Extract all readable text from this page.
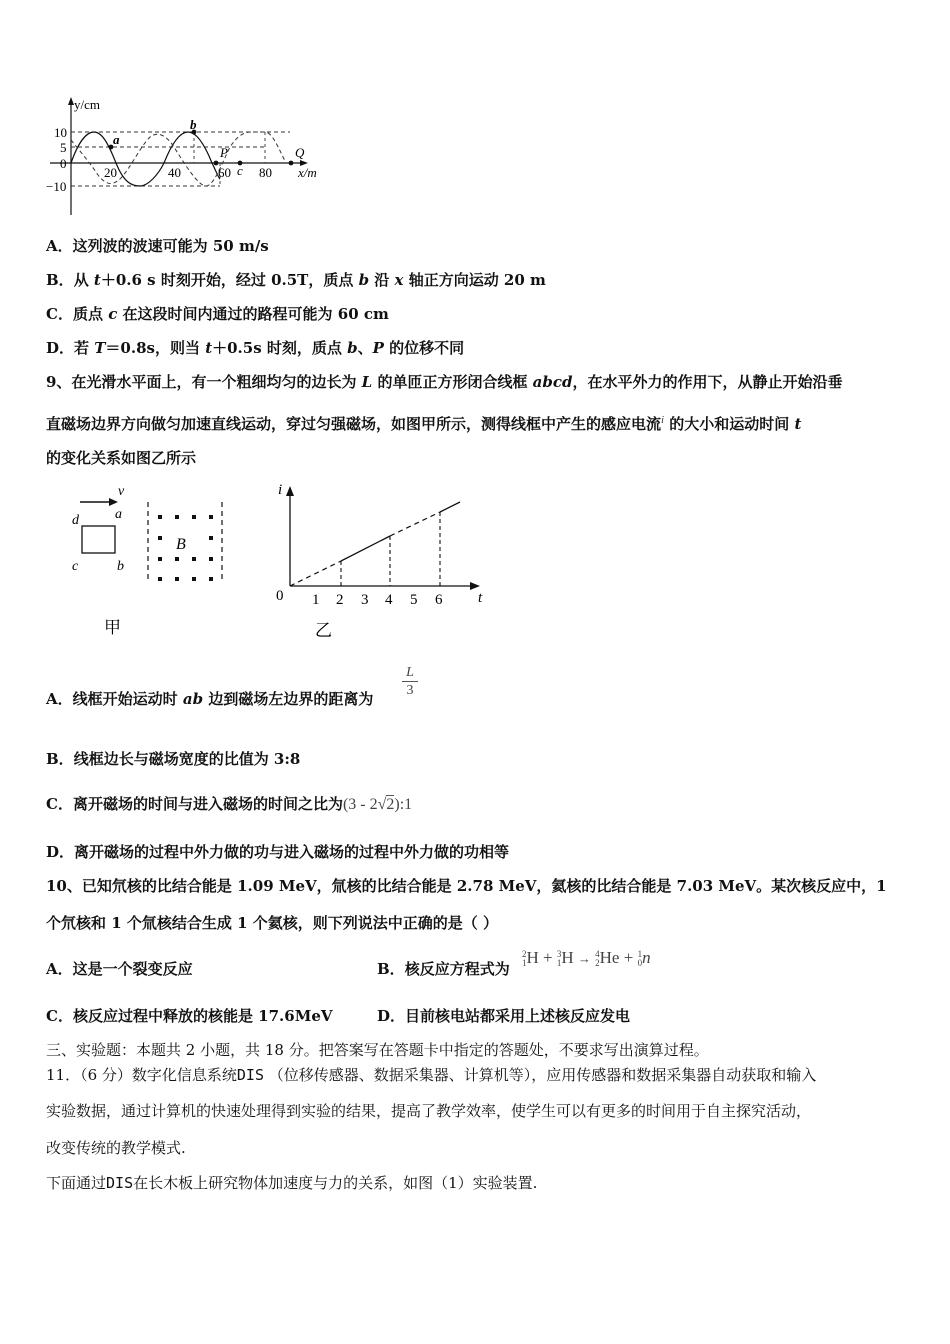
10
5
0
−10
y/cm
20	40	60 80 x/m
a
b
P
c
Q
A．这列波的波速可能为 50 m/s
B．从 t＋0.6 s 时刻开始，经过 0.5T，质点 b 沿 x 轴正方向运动 20 m
C．质点 c 在这段时间内通过的路程可能为 60 cm
D．若 T＝0.8s，则当 t＋0.5s 时刻，质点 b、P 的位移不同
9、在光滑水平面上，有一个粗细均匀的边长为 L 的单匝正方形闭合线框 abcd，在水平外力的作用下，从静止开始沿垂
直磁场边界方向做匀加速直线运动，穿过匀强磁场，如图甲所示，测得线框中产生的感应电流$^i$ 的大小和运动时间 t
的变化关系如图乙所示
v
d	a
c	b
B
甲
i
t
0 1 2 3 4 5 6
乙
A．线框开始运动时 ab 边到磁场左边界的距离为 $\frac{L}{3}$
B．线框边长与磁场宽度的比值为 3:8
C．离开磁场的时间与进入磁场的时间之比为(3 - 2√2):1
D．离开磁场的过程中外力做的功与进入磁场的过程中外力做的功相等
10、已知氘核的比结合能是 1.09 MeV，氚核的比结合能是 2.78 MeV，氦核的比结合能是 7.03 MeV。某次核反应中，1
个氘核和 1 个氚核结合生成 1 个氦核，则下列说法中正确的是（ ）
A．这是一个裂变反应	B．核反应方程式为
2
1H + 3
1H → 4
2He + 1
0n
C．核反应过程中释放的核能是 17.6MeV	D．目前核电站都采用上述核反应发电
三、实验题：本题共 2 小题，共 18 分。把答案写在答题卡中指定的答题处，不要求写出演算过程。
11．（6 分）数字化信息系统DIS （位移传感器、数据采集器、计算机等），应用传感器和数据采集器自动获取和输入
实验数据，通过计算机的快速处理得到实验的结果，提高了教学效率，使学生可以有更多的时间用于自主探究活动，
改变传统的教学模式.
下面通过DIS在长木板上研究物体加速度与力的关系，如图（1）实验装置.
